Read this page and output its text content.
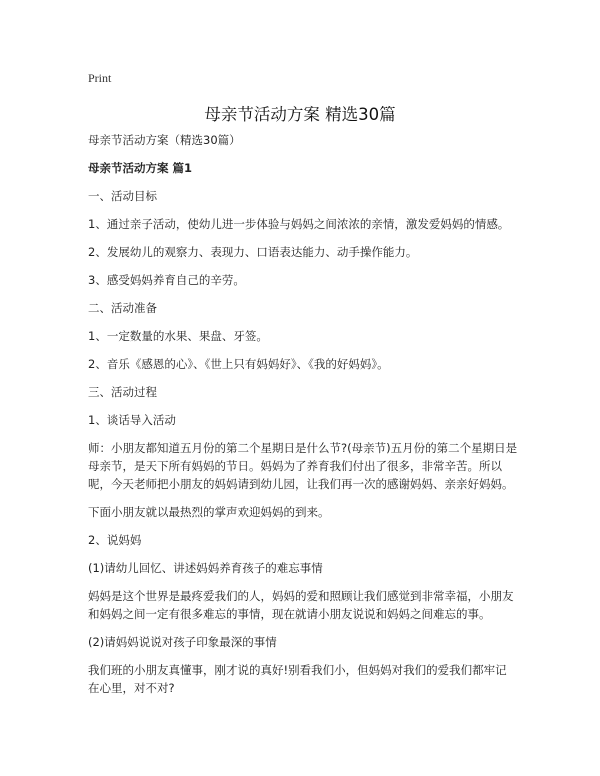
Print
母亲节活动方案 精选30篇

母亲节活动方案（精选30篇）

母亲节活动方案 篇1

一、活动目标

1、通过亲子活动，使幼儿进一步体验与妈妈之间浓浓的亲情，激发爱妈妈的情感。

2、发展幼儿的观察力、表现力、口语表达能力、动手操作能力。

3、感受妈妈养育自己的辛劳。

二、活动准备

1、一定数量的水果、果盘、牙签。

2、音乐《感恩的心》、《世上只有妈妈好》、《我的好妈妈》。

三、活动过程

1、谈话导入活动

师：小朋友都知道五月份的第二个星期日是什么节?(母亲节)五月份的第二个星期日是母亲节，是天下所有妈妈的节日。妈妈为了养育我们付出了很多，非常辛苦。所以呢，今天老师把小朋友的妈妈请到幼儿园，让我们再一次的感谢妈妈、亲亲好妈妈。

下面小朋友就以最热烈的掌声欢迎妈妈的到来。

2、说妈妈

(1)请幼儿回忆、讲述妈妈养育孩子的难忘事情

妈妈是这个世界是最疼爱我们的人，妈妈的爱和照顾让我们感觉到非常幸福，小朋友和妈妈之间一定有很多难忘的事情，现在就请小朋友说说和妈妈之间难忘的事。

(2)请妈妈说说对孩子印象最深的事情

我们班的小朋友真懂事，刚才说的真好!别看我们小，但妈妈对我们的爱我们都牢记在心里，对不对?
